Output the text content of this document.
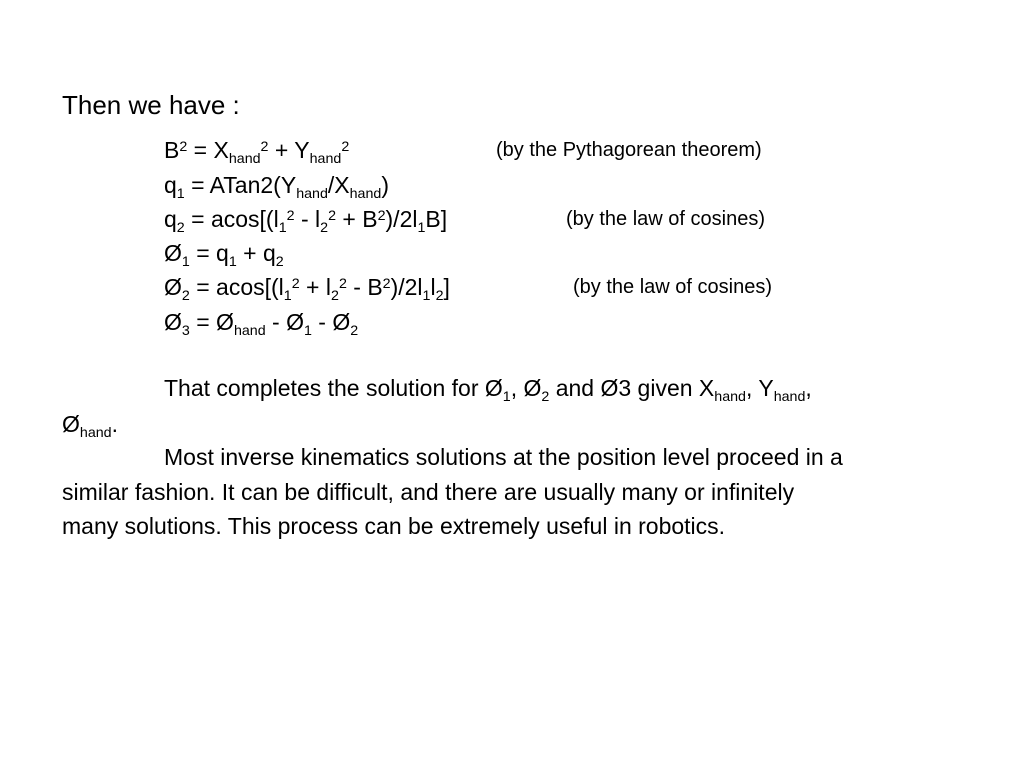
Then we have :
$B^2 = X_{hand}^2 + Y_{hand}^2$	(by the Pythagorean theorem)
$q_1$ = $ATan2(Y_{hand}/X_{hand})$
$q_2 = acos[(l_1^2 - l_2^2 + B^2)/2l_1B]$	(by the law of cosines)
$Ø_1 = q_1 + q_2$
$Ø_2 = acos[(l_1^2 + l_2^2 - B^2)/2l_1l_2]$	(by the law of cosines)
$Ø_3$ = $Ø_{hand}$ - $Ø_1$ - $Ø_2$
That completes the solution for $Ø_1$, $Ø_2$ and Ø3 given $X_{hand}$, $Y_{hand}$,
$Ø_{hand}$.
Most inverse kinematics solutions at the position level proceed in a
similar fashion. It can be difficult, and there are usually many or infinitely
many solutions. This process can be extremely useful in robotics.
